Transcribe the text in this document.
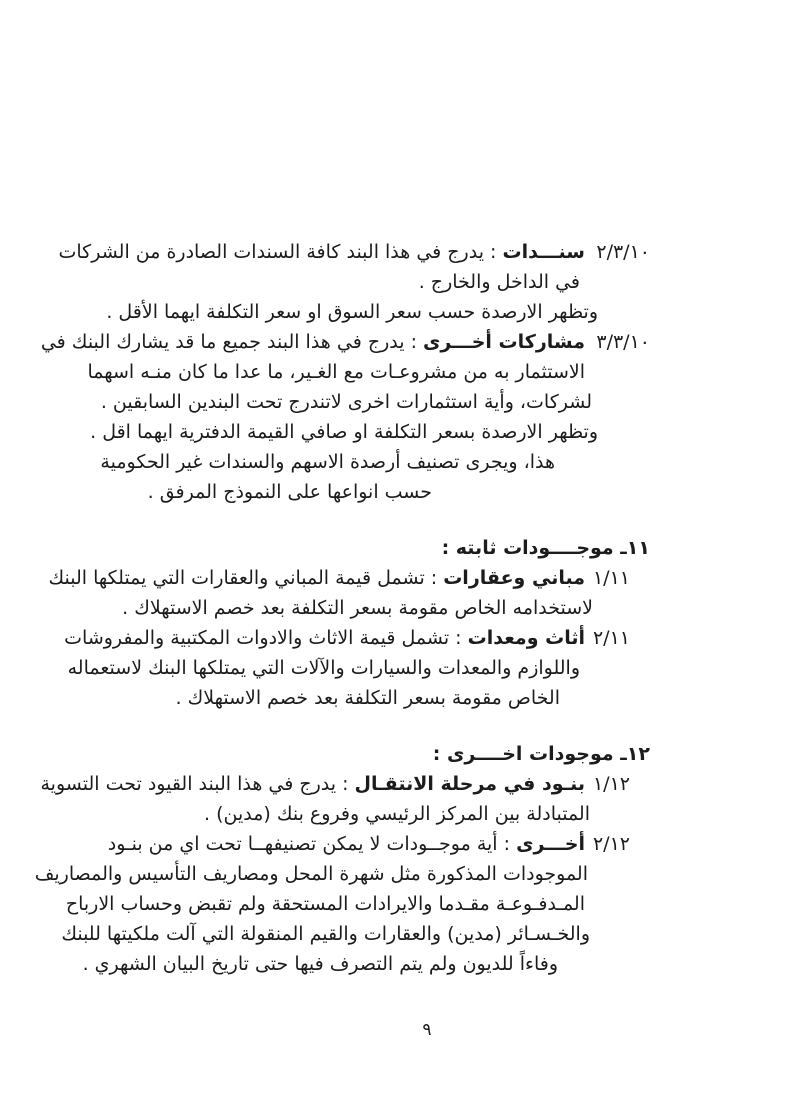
٢/٣/١٠
سنـــدات : يدرج في هذا البند كافة السندات الصادرة من الشركات
في الداخل والخارج .
وتظهر الارصدة حسب سعر السوق او سعر التكلفة ايهما الأقل .
٣/٣/١٠
مشاركات أخـــرى : يدرج في هذا البند جميع ما قد يشارك البنك في
الاستثمار به من مشروعـات مع الغـير، ما عدا ما كان منـه اسهما
لشركات، وأية استثمارات اخرى لاتندرج تحت البندين السابقين .
وتظهر الارصدة بسعر التكلفة او صافي القيمة الدفترية ايهما اقل .
هذا، ويجرى تصنيف أرصدة الاسهم والسندات غير الحكومية
حسب انواعها على النموذج المرفق .
١١ـ موجــــودات ثابته :
١/١١
مباني وعقارات : تشمل قيمة المباني والعقارات التي يمتلكها البنك
لاستخدامه الخاص مقومة بسعر التكلفة بعد خصم الاستهلاك .
٢/١١
أثاث ومعدات : تشمل قيمة الاثاث والادوات المكتبية والمفروشات
واللوازم والمعدات والسيارات والآلات التي يمتلكها البنك لاستعماله
الخاص مقومة بسعر التكلفة بعد خصم الاستهلاك .
١٢ـ موجودات اخــــرى :
١/١٢
بنـود في مرحلة الانتقـال : يدرج في هذا البند القيود تحت التسوية
المتبادلة بين المركز الرئيسي وفروع بنك (مدين) .
٢/١٢
أخـــرى : أية موجــودات لا يمكن تصنيفهــا تحت اي من بنـود
الموجودات المذكورة مثل شهرة المحل ومصاريف التأسيس والمصاريف
المـدفـوعـة مقـدما والايرادات المستحقة ولم تقبض وحساب الارباح
والخـسـائر (مدين) والعقارات والقيم المنقولة التي آلت ملكيتها للبنك
وفاءاً للديون ولم يتم التصرف فيها حتى تاريخ البيان الشهري .
٩
